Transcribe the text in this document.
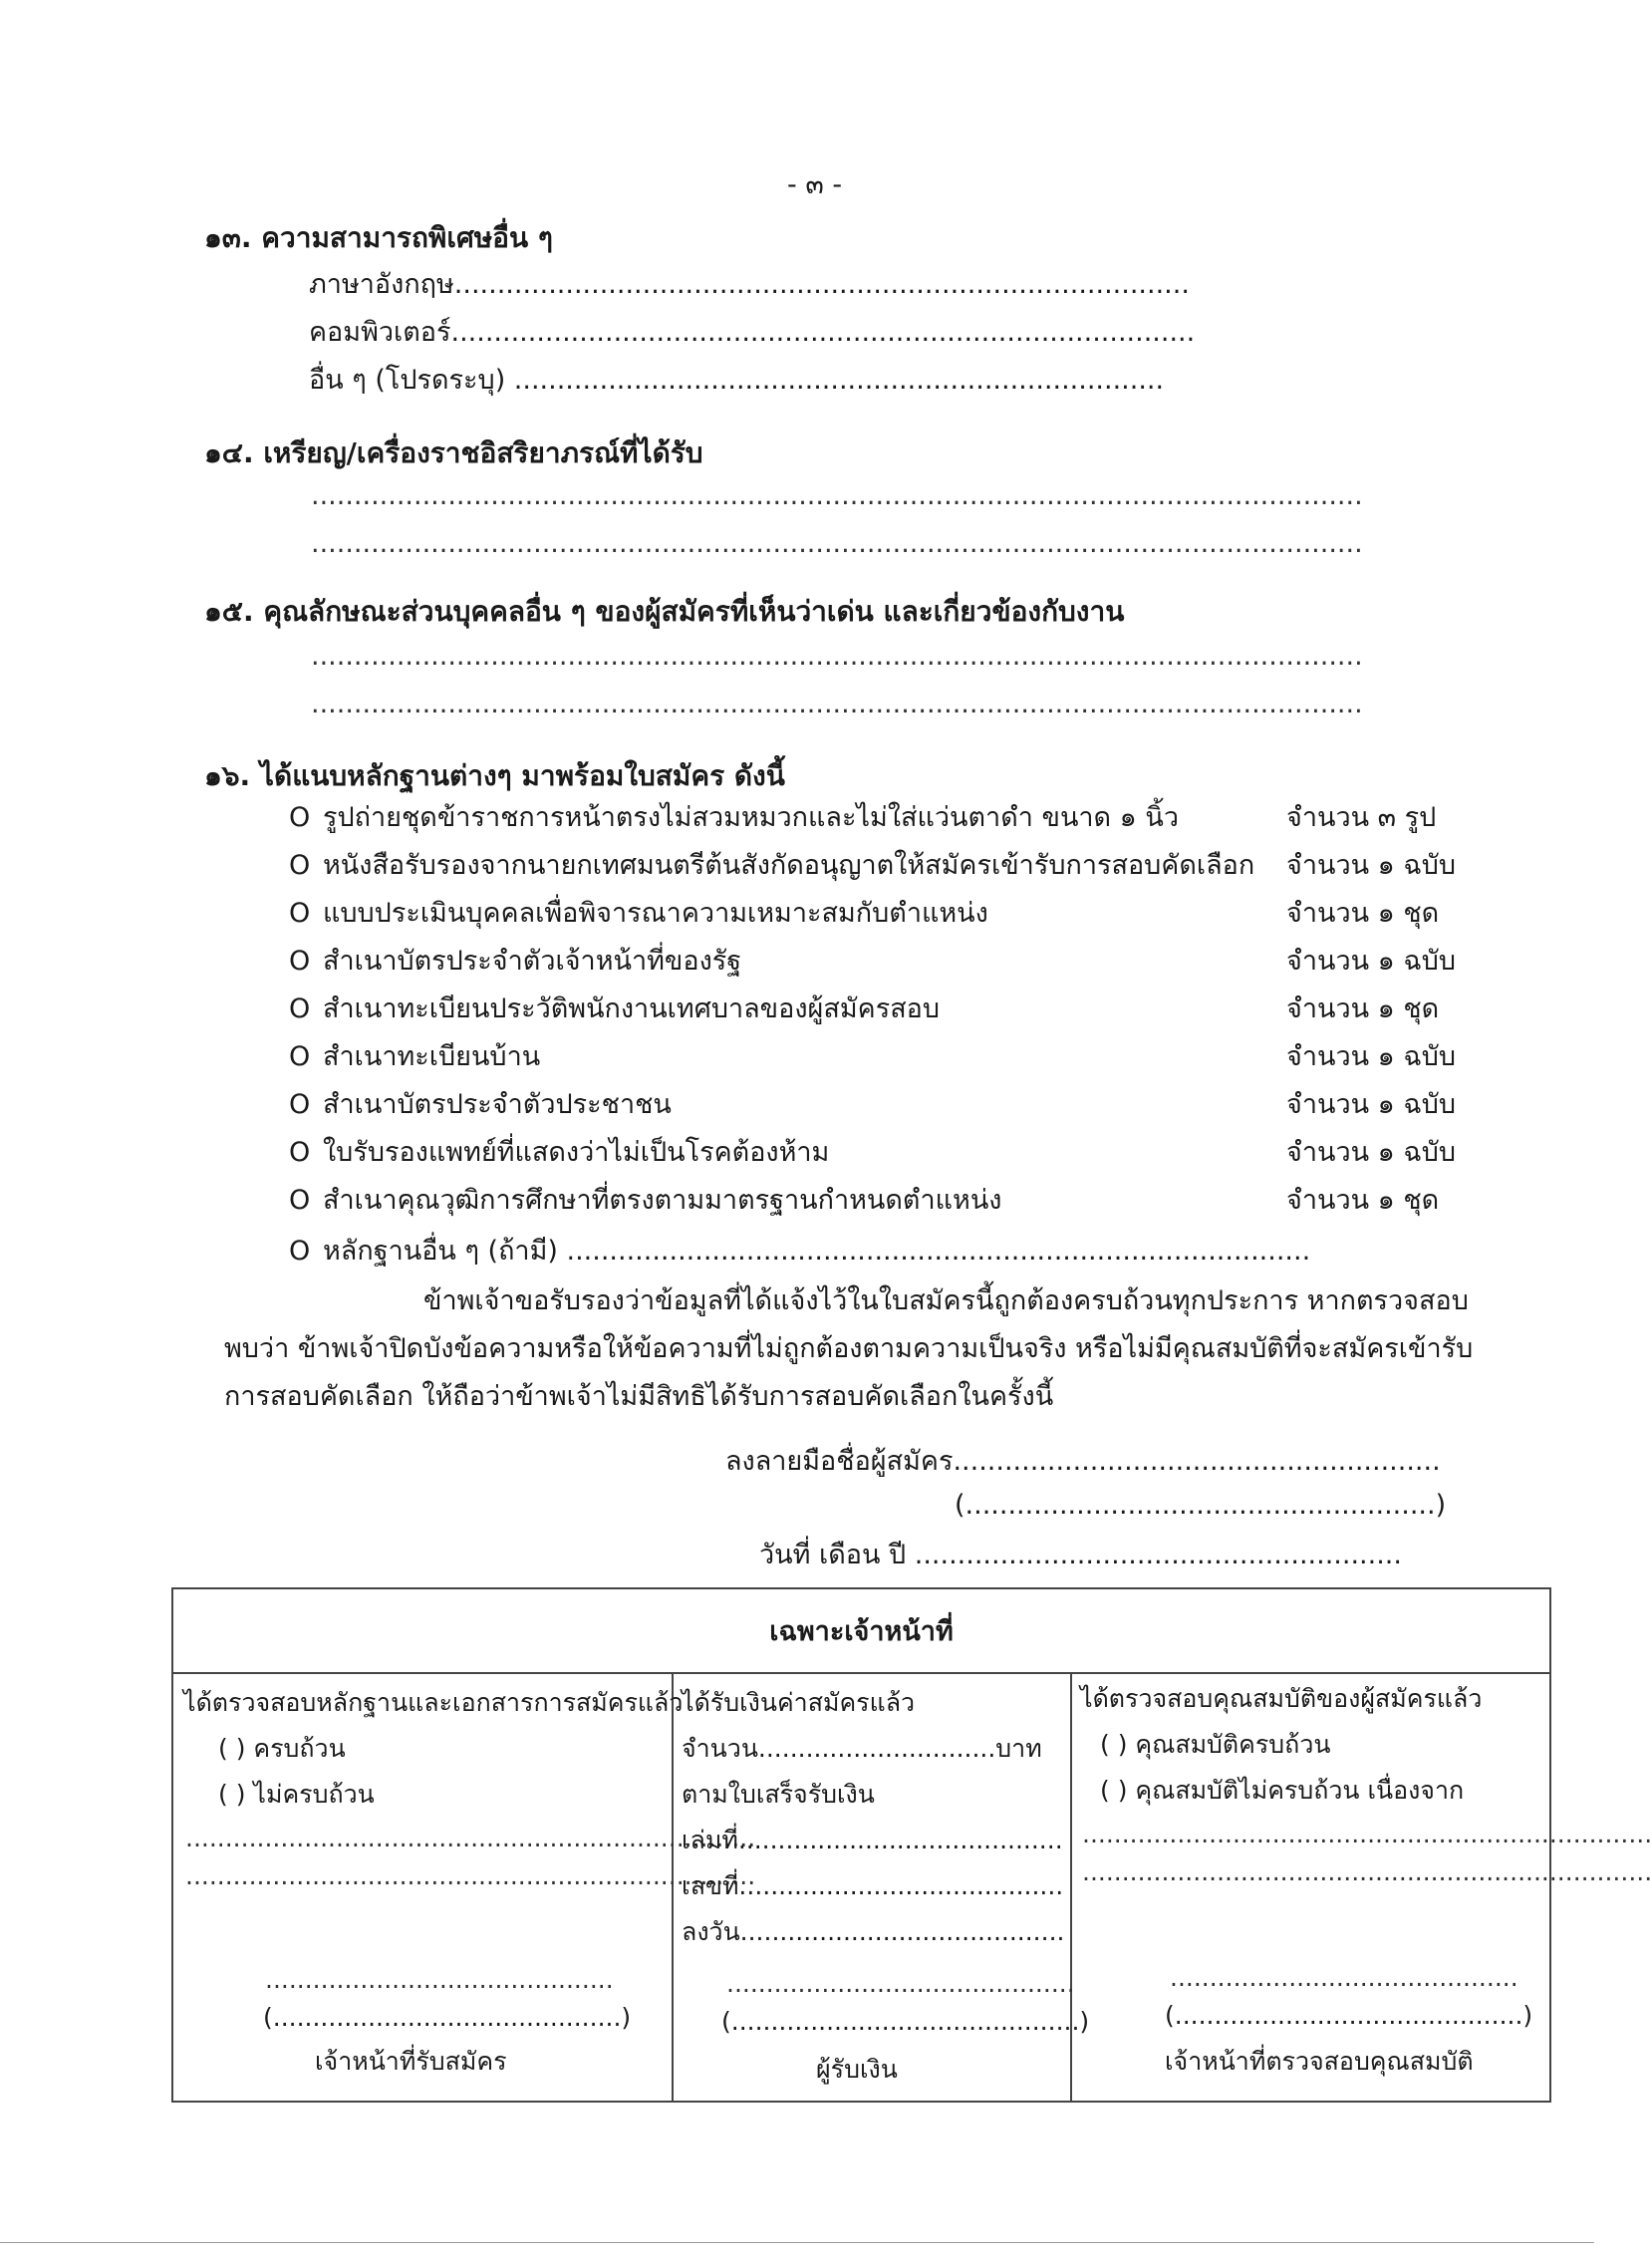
- ๓ -
๑๓. ความสามารถพิเศษอื่น ๆ
ภาษาอังกฤษ......................................................................................
คอมพิวเตอร์.......................................................................................
อื่น ๆ (โปรดระบุ) ............................................................................
๑๔. เหรียญ/เครื่องราชอิสริยาภรณ์ที่ได้รับ
...........................................................................................................................
...........................................................................................................................
๑๕. คุณลักษณะส่วนบุคคลอื่น ๆ ของผู้สมัครที่เห็นว่าเด่น และเกี่ยวข้องกับงาน
...........................................................................................................................
...........................................................................................................................
๑๖. ได้แนบหลักฐานต่างๆ มาพร้อมใบสมัคร ดังนี้
O รูปถ่ายชุดข้าราชการหน้าตรงไม่สวมหมวกและไม่ใส่แว่นตาดำ ขนาด ๑ นิ้ว	จำนวน ๓ รูป
O หนังสือรับรองจากนายกเทศมนตรีต้นสังกัดอนุญาตให้สมัครเข้ารับการสอบคัดเลือก จำนวน ๑ ฉบับ
O แบบประเมินบุคคลเพื่อพิจารณาความเหมาะสมกับตำแหน่ง	จำนวน ๑ ชุด
O สำเนาบัตรประจำตัวเจ้าหน้าที่ของรัฐ	จำนวน ๑ ฉบับ
O สำเนาทะเบียนประวัติพนักงานเทศบาลของผู้สมัครสอบ	จำนวน ๑ ชุด
O สำเนาทะเบียนบ้าน	จำนวน ๑ ฉบับ
O สำเนาบัตรประจำตัวประชาชน	จำนวน ๑ ฉบับ
O ใบรับรองแพทย์ที่แสดงว่าไม่เป็นโรคต้องห้าม	จำนวน ๑ ฉบับ
O สำเนาคุณวุฒิการศึกษาที่ตรงตามมาตรฐานกำหนดตำแหน่ง	จำนวน ๑ ชุด
O หลักฐานอื่น ๆ (ถ้ามี) .......................................................................................
ข้าพเจ้าขอรับรองว่าข้อมูลที่ได้แจ้งไว้ในใบสมัครนี้ถูกต้องครบถ้วนทุกประการ หากตรวจสอบ
พบว่า ข้าพเจ้าปิดบังข้อความหรือให้ข้อความที่ไม่ถูกต้องตามความเป็นจริง หรือไม่มีคุณสมบัติที่จะสมัครเข้ารับ
การสอบคัดเลือก ให้ถือว่าข้าพเจ้าไม่มีสิทธิได้รับการสอบคัดเลือกในครั้งนี้
ลงลายมือชื่อผู้สมัคร.........................................................
(.......................................................)
วันที่ เดือน ปี .........................................................
เฉพาะเจ้าหน้าที่
ได้ตรวจสอบหลักฐานและเอกสารการสมัครแล้ว
( ) ครบถ้วน
( ) ไม่ครบถ้วน
........................................................................
........................................................................
............................................
(............................................)
เจ้าหน้าที่รับสมัคร
ได้รับเงินค่าสมัครแล้ว
จำนวน..............................บาท
ตามใบเสร็จรับเงิน
เล่มที่.........................................
เลขที่.........................................
ลงวัน.........................................
............................................
(............................................)
ผู้รับเงิน
ได้ตรวจสอบคุณสมบัติของผู้สมัครแล้ว
( ) คุณสมบัติครบถ้วน
( ) คุณสมบัติไม่ครบถ้วน เนื่องจาก
........................................................................
........................................................................
............................................
(............................................)
เจ้าหน้าที่ตรวจสอบคุณสมบัติ
